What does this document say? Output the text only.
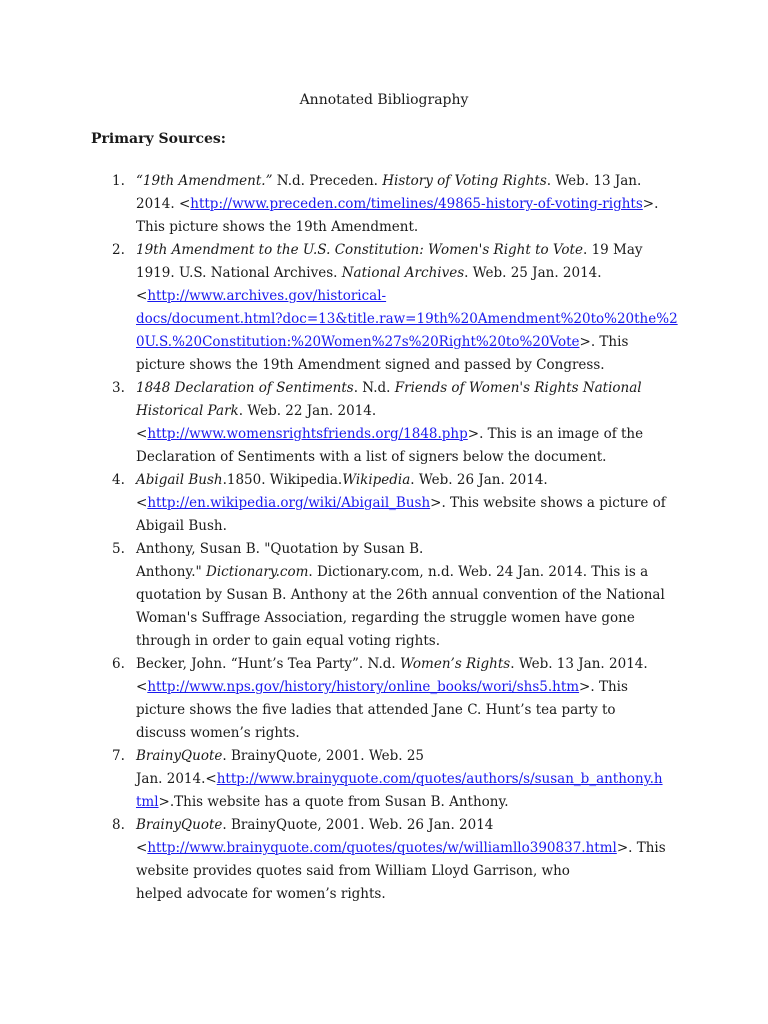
Annotated Bibliography
Primary Sources:
1. “19th Amendment.” N.d. Preceden. History of Voting Rights. Web. 13 Jan.
2014. <http://www.preceden.com/timelines/49865-history-of-voting-rights>.
This picture shows the 19th Amendment.
2. 19th Amendment to the U.S. Constitution: Women's Right to Vote. 19 May
1919. U.S. National Archives. National Archives. Web. 25 Jan. 2014.
<http://www.archives.gov/historical-
docs/document.html?doc=13&title.raw=19th%20Amendment%20to%20the%2
0U.S.%20Constitution:%20Women%27s%20Right%20to%20Vote>. This
picture shows the 19th Amendment signed and passed by Congress.
3. 1848 Declaration of Sentiments. N.d. Friends of Women's Rights National
Historical Park. Web. 22 Jan. 2014.
<http://www.womensrightsfriends.org/1848.php>. This is an image of the
Declaration of Sentiments with a list of signers below the document.
4. Abigail Bush.1850. Wikipedia.Wikipedia. Web. 26 Jan. 2014.
<http://en.wikipedia.org/wiki/Abigail_Bush>. This website shows a picture of
Abigail Bush.
5. Anthony, Susan B. "Quotation by Susan B.
Anthony." Dictionary.com. Dictionary.com, n.d. Web. 24 Jan. 2014. This is a
quotation by Susan B. Anthony at the 26th annual convention of the National
Woman's Suffrage Association, regarding the struggle women have gone
through in order to gain equal voting rights.
6. Becker, John. “Hunt’s Tea Party”. N.d. Women’s Rights. Web. 13 Jan. 2014.
<http://www.nps.gov/history/history/online_books/wori/shs5.htm>. This
picture shows the five ladies that attended Jane C. Hunt’s tea party to
discuss women’s rights.
7. BrainyQuote. BrainyQuote, 2001. Web. 25
Jan. 2014.<http://www.brainyquote.com/quotes/authors/s/susan_b_anthony.h
tml>.This website has a quote from Susan B. Anthony.
8. BrainyQuote. BrainyQuote, 2001. Web. 26 Jan. 2014
<http://www.brainyquote.com/quotes/quotes/w/williamllo390837.html>. This
website provides quotes said from William Lloyd Garrison, who
helped advocate for women’s rights.
